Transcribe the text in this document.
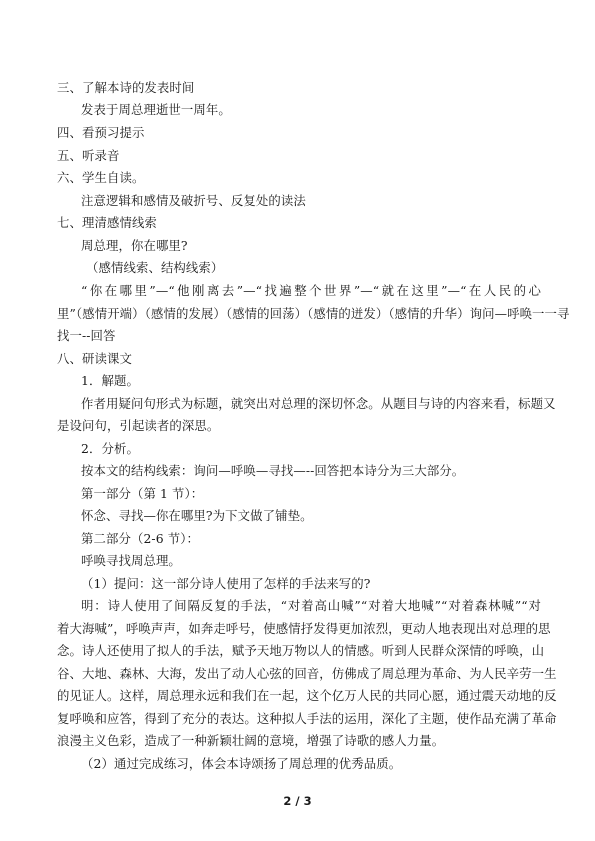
三、了解本诗的发表时间
发表于周总理逝世一周年。
四、看预习提示
五、听录音
六、学生自读。
注意逻辑和感情及破折号、反复处的读法
七、理清感情线索
周总理，你在哪里?
（感情线索、结构线索）
“你在哪里”—“他刚离去”—“找遍整个世界”—“就在这里”—“在人民的心
里”（感情开端）（感情的发展）（感情的回荡）（感情的迸发）（感情的升华）询问—呼唤一一寻
找一--回答
八、研读课文
1．解题。
作者用疑问句形式为标题，就突出对总理的深切怀念。从题目与诗的内容来看，标题又
是设问句，引起读者的深思。
2．分析。
按本文的结构线索：询问—呼唤—寻找—--回答把本诗分为三大部分。
第一部分（第 1 节）：
怀念、寻找—你在哪里?为下文做了铺垫。
第二部分（2-6 节）：
呼唤寻找周总理。
（1）提问：这一部分诗人使用了怎样的手法来写的?
明：诗人使用了间隔反复的手法，“对着高山喊”“对着大地喊”“对着森林喊”“对
着大海喊”，呼唤声声，如奔走呼号，使感情抒发得更加浓烈，更动人地表现出对总理的思
念。诗人还使用了拟人的手法，赋予天地万物以人的情感。听到人民群众深情的呼唤，山
谷、大地、森林、大海，发出了动人心弦的回音，仿佛成了周总理为革命、为人民辛劳一生
的见证人。这样，周总理永远和我们在一起，这个亿万人民的共同心愿，通过震天动地的反
复呼唤和应答，得到了充分的表达。这种拟人手法的运用，深化了主题，使作品充满了革命
浪漫主义色彩，造成了一种新颖壮阔的意境，增强了诗歌的感人力量。
（2）通过完成练习，体会本诗颂扬了周总理的优秀品质。
2 / 3
